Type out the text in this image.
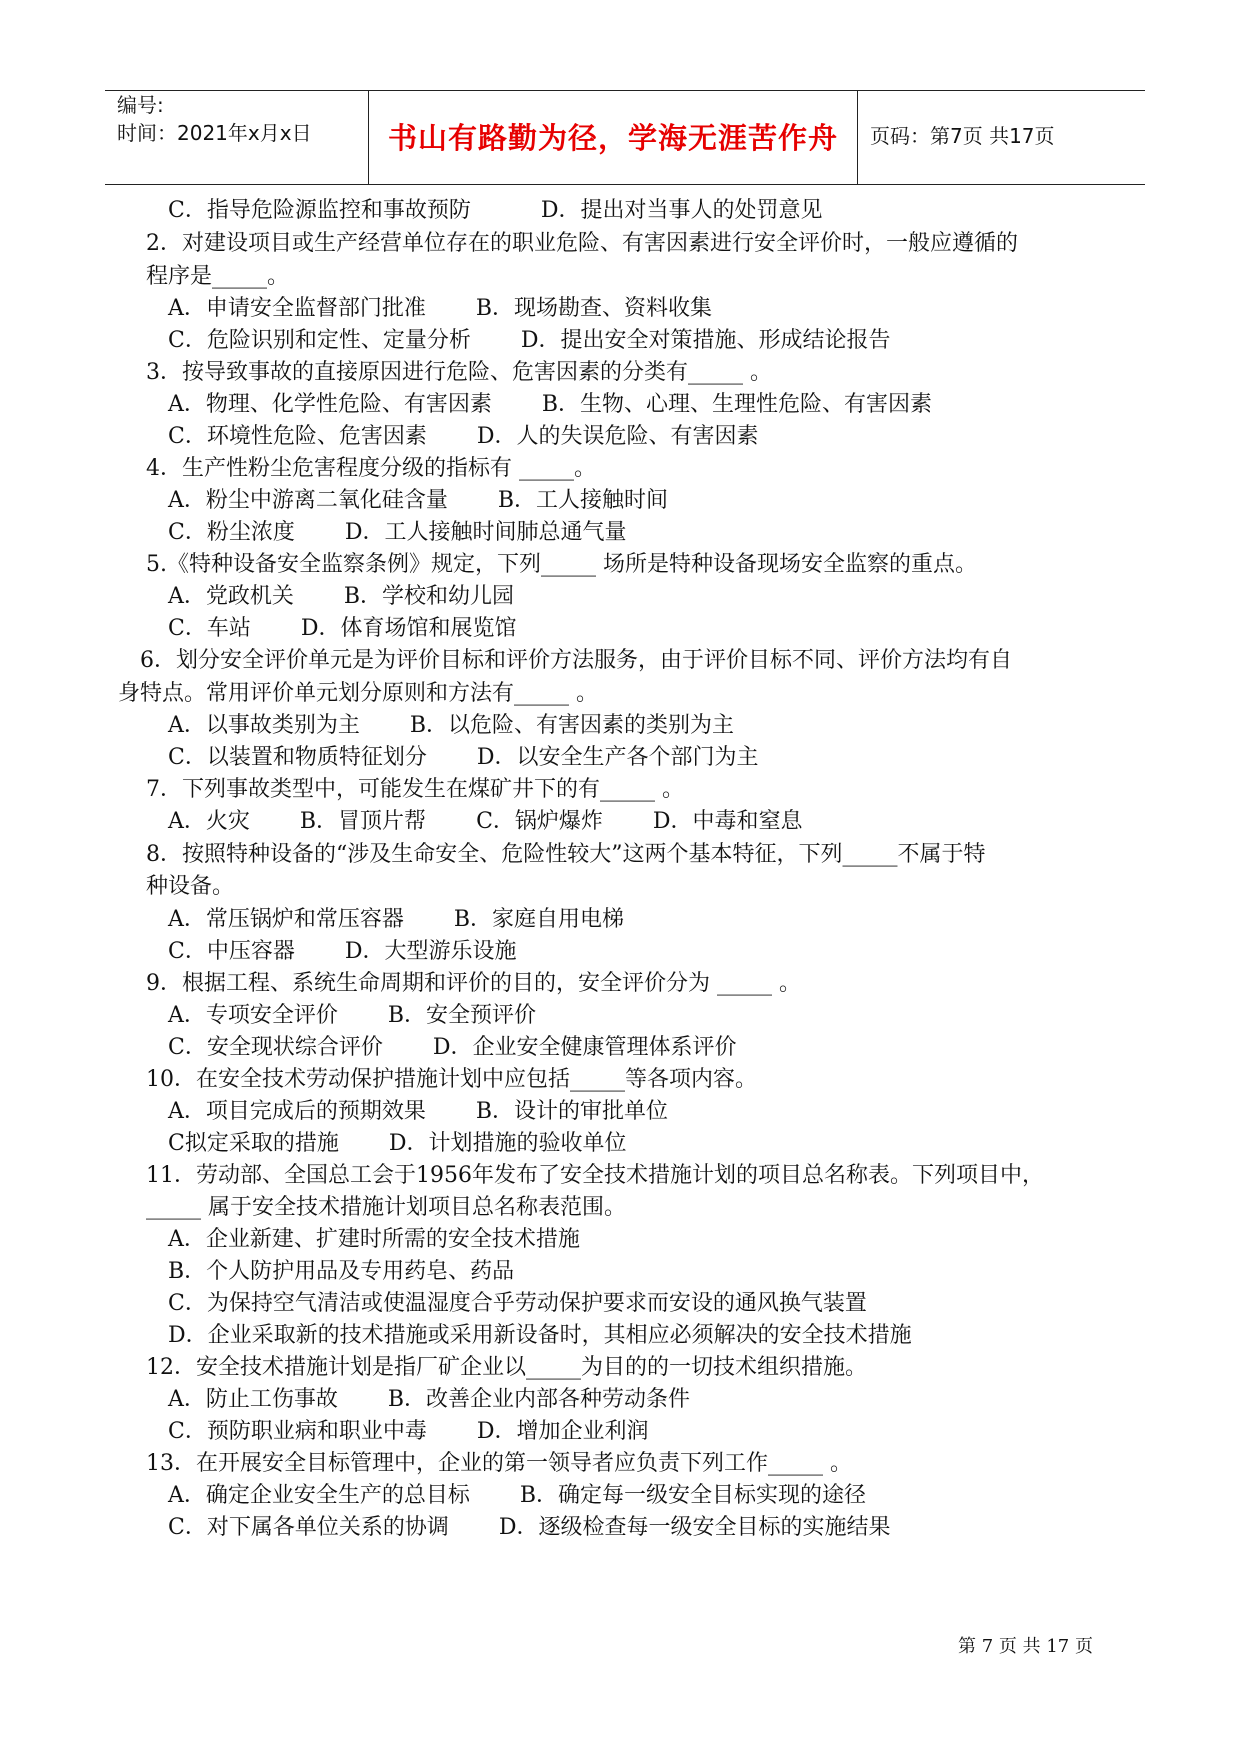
编号:
时间：2021年x月x日	书山有路勤为径，学海无涯苦作舟	页码：第7页 共17页
C．指导危险源监控和事故预防	D．提出对当事人的处罚意见
2．对建设项目或生产经营单位存在的职业危险、有害因素进行安全评价时，一般应遵循的
程序是_____。
A．申请安全监督部门批准 B．现场勘查、资料收集
C．危险识别和定性、定量分析 D．提出安全对策措施、形成结论报告
3．按导致事故的直接原因进行危险、危害因素的分类有_____ 。
A．物理、化学性危险、有害因素 B．生物、心理、生理性危险、有害因素
C．环境性危险、危害因素 D．人的失误危险、有害因素
4．生产性粉尘危害程度分级的指标有 _____。
A．粉尘中游离二氧化硅含量 B．工人接触时间
C．粉尘浓度 D．工人接触时间肺总通气量
5.《特种设备安全监察条例》规定，下列_____ 场所是特种设备现场安全监察的重点。
A．党政机关 B．学校和幼儿园
C．车站 D．体育场馆和展览馆
6．划分安全评价单元是为评价目标和评价方法服务，由于评价目标不同、评价方法均有自
身特点。常用评价单元划分原则和方法有_____ 。
A．以事故类别为主 B．以危险、有害因素的类别为主
C．以装置和物质特征划分 D．以安全生产各个部门为主
7．下列事故类型中，可能发生在煤矿井下的有_____ 。
A．火灾 B．冒顶片帮 C．锅炉爆炸 D．中毒和窒息
8．按照特种设备的“涉及生命安全、危险性较大”这两个基本特征，下列_____不属于特
种设备。
A．常压锅炉和常压容器 B．家庭自用电梯
C．中压容器 D．大型游乐设施
9．根据工程、系统生命周期和评价的目的，安全评价分为 _____ 。
A．专项安全评价 B．安全预评价
C．安全现状综合评价 D．企业安全健康管理体系评价
10．在安全技术劳动保护措施计划中应包括_____等各项内容。
A．项目完成后的预期效果 B．设计的审批单位
C拟定采取的措施 D．计划措施的验收单位
11．劳动部、全国总工会于1956年发布了安全技术措施计划的项目总名称表。下列项目中，
_____ 属于安全技术措施计划项目总名称表范围。
A．企业新建、扩建时所需的安全技术措施
B．个人防护用品及专用药皂、药品
C．为保持空气清洁或使温湿度合乎劳动保护要求而安设的通风换气装置
D．企业采取新的技术措施或采用新设备时，其相应必须解决的安全技术措施
12．安全技术措施计划是指厂矿企业以_____为目的的一切技术组织措施。
A．防止工伤事故 B．改善企业内部各种劳动条件
C．预防职业病和职业中毒 D．增加企业利润
13．在开展安全目标管理中，企业的第一领导者应负责下列工作_____ 。
A．确定企业安全生产的总目标 B．确定每一级安全目标实现的途径
C．对下属各单位关系的协调 D．逐级检查每一级安全目标的实施结果
第 7 页 共 17 页
